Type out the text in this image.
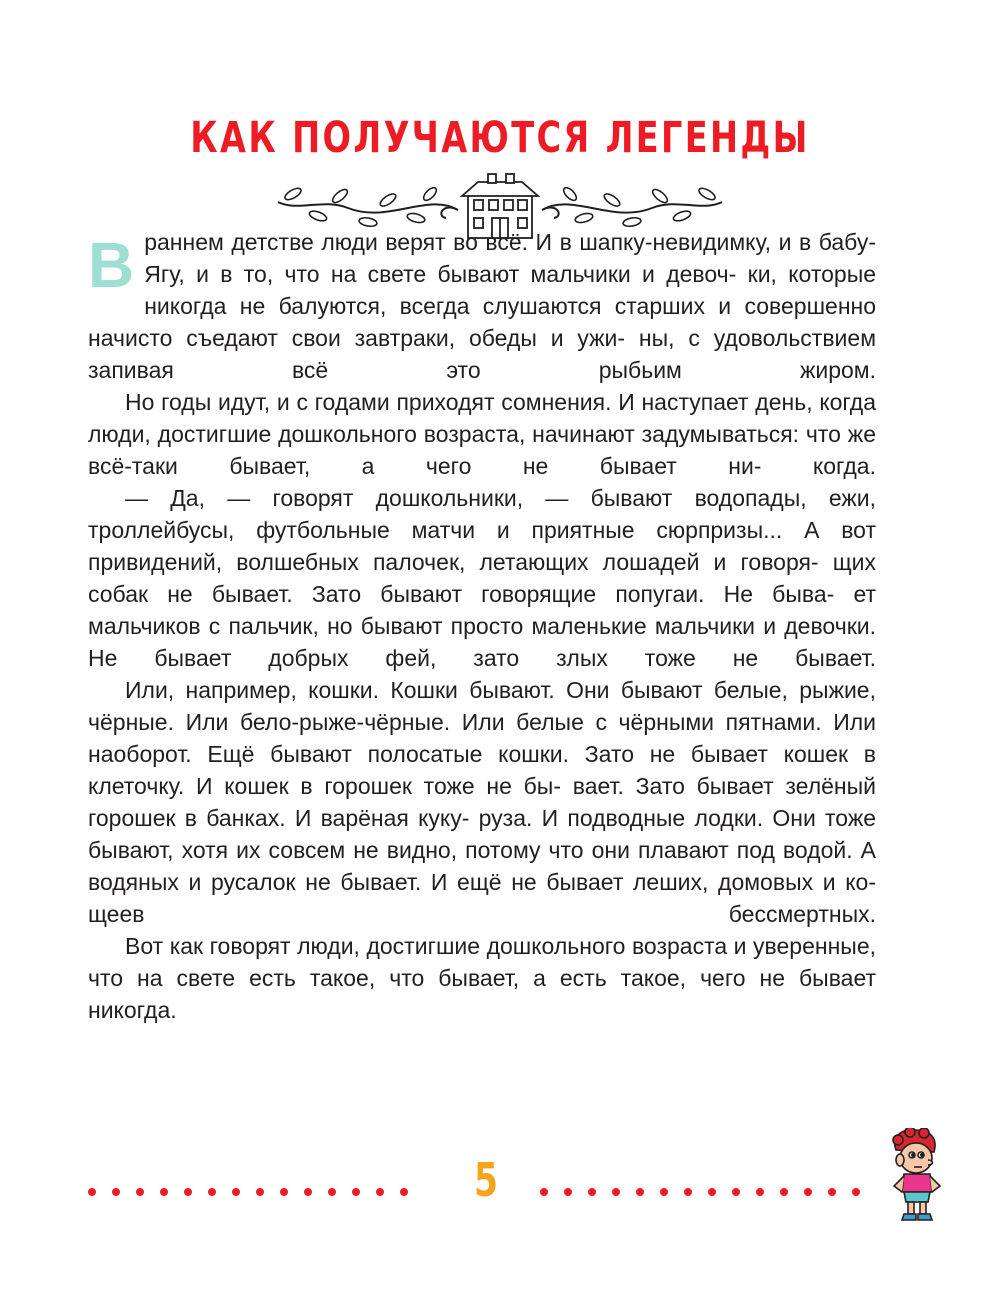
КАК ПОЛУЧАЮТСЯ ЛЕГЕНДЫ

Враннем детстве люди верят во всё. И в шапку-невидимку, и в бабу-Ягу, и в то, что на свете бывают мальчики и девоч- ки, которые никогда не балуются, всегда слушаются старших и совершенно начисто съедают свои завтраки, обеды и ужи- ны, с удовольствием запивая всё это рыбьим жиром.

Но годы идут, и с годами приходят сомнения. И наступает день, когда люди, достигшие дошкольного возраста, начинают задумываться: что же всё-таки бывает, а чего не бывает ни- когда.

— Да, — говорят дошкольники, — бывают водопады, ежи, троллейбусы, футбольные матчи и приятные сюрпризы... А вот привидений, волшебных палочек, летающих лошадей и говоря- щих собак не бывает. Зато бывают говорящие попугаи. Не быва- ет мальчиков с пальчик, но бывают просто маленькие мальчики и девочки. Не бывает добрых фей, зато злых тоже не бывает.

Или, например, кошки. Кошки бывают. Они бывают белые, рыжие, чёрные. Или бело-рыже-чёрные. Или белые с чёрными пятнами. Или наоборот. Ещё бывают полосатые кошки. Зато не бывает кошек в клеточку. И кошек в горошек тоже не бы- вает. Зато бывает зелёный горошек в банках. И варёная куку- руза. И подводные лодки. Они тоже бывают, хотя их совсем не видно, потому что они плавают под водой. А водяных и русалок не бывает. И ещё не бывает леших, домовых и ко- щеев бессмертных.

Вот как говорят люди, достигшие дошкольного возраста и уверенные, что на свете есть такое, что бывает, а есть такое, чего не бывает никогда.

5
